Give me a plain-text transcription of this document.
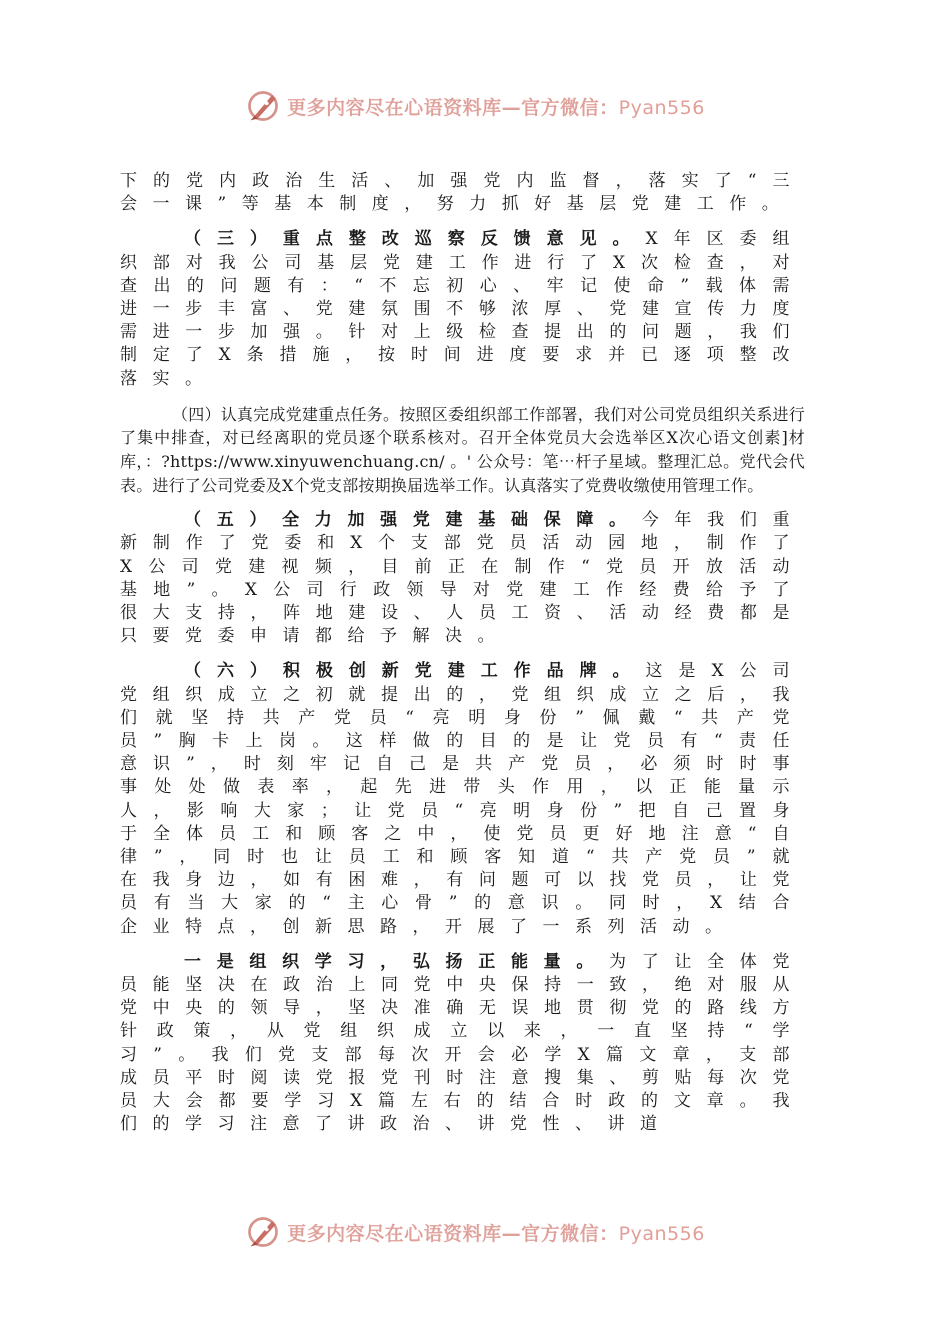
更多内容尽在心语资料库—官方微信：Pyan556

下的党内政治生活、加强党内监督，落实了“三会一课”等基本制度，努力抓好基层党建工作。

（三）重点整改巡察反馈意见。X年区委组织部对我公司基层党建工作进行了X次检查，对查出的问题有：“不忘初心、牢记使命”载体需进一步丰富、党建氛围不够浓厚、党建宣传力度需进一步加强。针对上级检查提出的问题，我们制定了X条措施，按时间进度要求并已逐项整改落实。

（四）认真完成党建重点任务。按照区委组织部工作部署，我们对公司党员组织关系进行了集中排查，对已经离职的党员逐个联系核对。召开全体党员大会选举区X次心语文创素]材库，：?https://www.xinyuwenchuang.cn/ 。' 公众号：笔⋯杆子星域。整理汇总。党代会代表。进行了公司党委及X个党支部按期换届选举工作。认真落实了党费收缴使用管理工作。

（五）全力加强党建基础保障。今年我们重新制作了党委和X个支部党员活动园地，制作了X公司党建视频，目前正在制作“党员开放活动基地”。X公司行政领导对党建工作经费给予了很大支持，阵地建设、人员工资、活动经费都是只要党委申请都给予解决。

（六）积极创新党建工作品牌。这是X公司党组织成立之初就提出的，党组织成立之后，我们就坚持共产党员“亮明身份”佩戴“共产党员”胸卡上岗。这样做的目的是让党员有“责任意识”，时刻牢记自己是共产党员，必须时时事事处处做表率，起先进带头作用，以正能量示人，影响大家；让党员“亮明身份”把自己置身于全体员工和顾客之中，使党员更好地注意“自律”，同时也让员工和顾客知道“共产党员”就在我身边，如有困难，有问题可以找党员，让党员有当大家的“主心骨”的意识。同时，X结合企业特点，创新思路，开展了一系列活动。

一是组织学习，弘扬正能量。为了让全体党员能坚决在政治上同党中央保持一致，绝对服从党中央的领导，坚决准确无误地贯彻党的路线方针政策，从党组织成立以来，一直坚持“学习”。我们党支部每次开会必学X篇文章，支部成员平时阅读党报党刊时注意搜集、剪贴每次党员大会都要学习X篇左右的结合时政的文章。我们的学习注意了讲政治、讲党性、讲道

更多内容尽在心语资料库—官方微信：Pyan556
